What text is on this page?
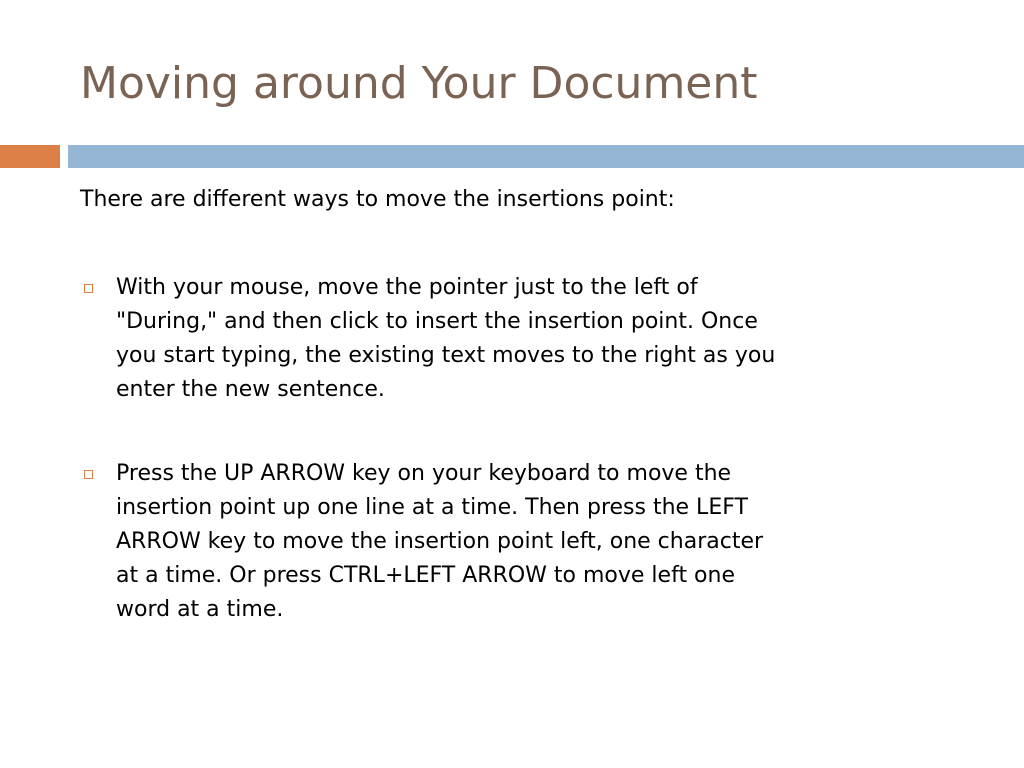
Moving around Your Document

There are different ways to move the insertions point:

With your mouse, move the pointer just to the left of
"During," and then click to insert the insertion point. Once
you start typing, the existing text moves to the right as you
enter the new sentence.
Press the UP ARROW key on your keyboard to move the
insertion point up one line at a time. Then press the LEFT
ARROW key to move the insertion point left, one character
at a time. Or press CTRL+LEFT ARROW to move left one
word at a time.
